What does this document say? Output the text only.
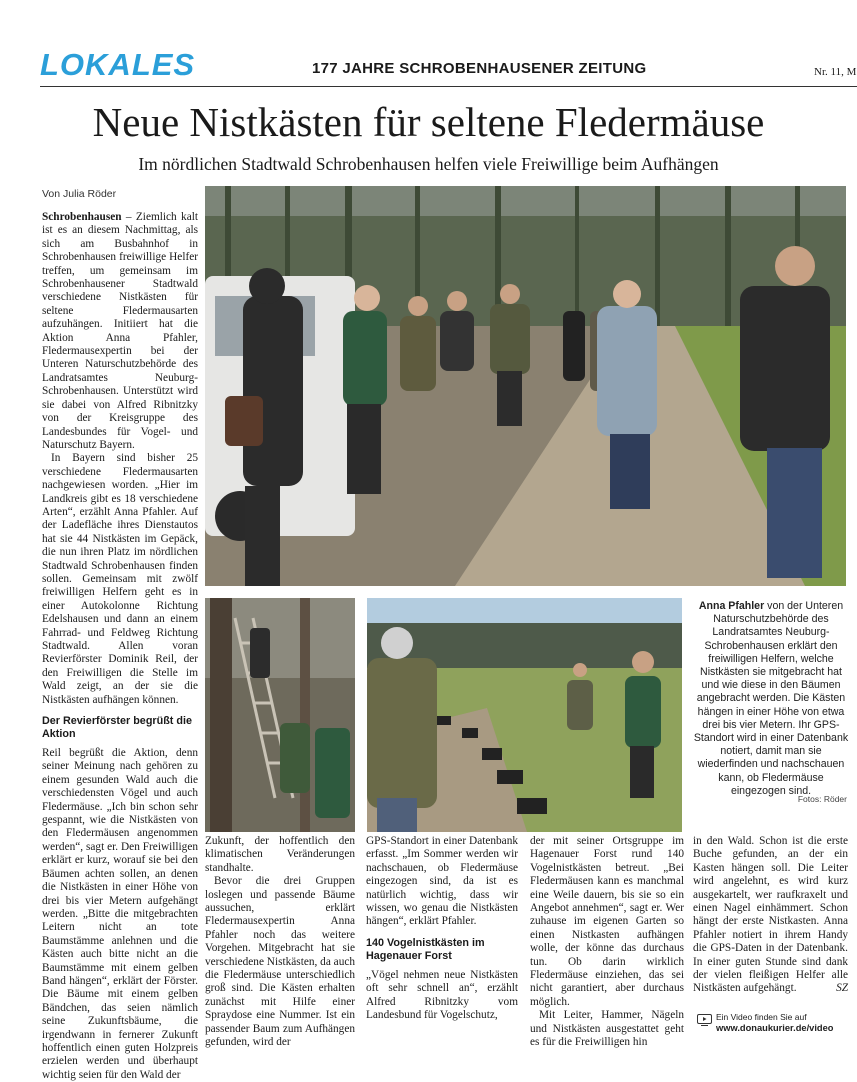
LOKALES	177 JAHRE SCHROBENHAUSENER ZEITUNG	Nr. 11, M
Neue Nistkästen für seltene Fledermäuse
Im nördlichen Stadtwald Schrobenhausen helfen viele Freiwillige beim Aufhängen
Von Julia Röder
Anna Pfahler von der Unteren Naturschutzbehörde des Landratsamtes Neuburg-Schrobenhausen erklärt den freiwilligen Helfern, welche Nistkästen sie mitgebracht hat und wie diese in den Bäumen angebracht werden. Die Kästen hängen in einer Höhe von etwa drei bis vier Metern. Ihr GPS-Standort wird in einer Datenbank notiert, damit man sie wiederfinden und nachschauen kann, ob Fledermäuse eingezogen sind.
Fotos: Röder

Schrobenhausen – Ziemlich kalt ist es an diesem Nachmittag, als sich am Busbahnhof in Schrobenhausen freiwillige Helfer treffen, um gemeinsam im Schrobenhausener Stadtwald verschiedene Nistkästen für seltene Fledermausarten aufzuhängen. Initiiert hat die Aktion Anna Pfahler, Fledermausexpertin bei der Unteren Naturschutzbehörde des Landratsamtes Neuburg-Schrobenhausen. Unterstützt wird sie dabei von Alfred Ribnitzky von der Kreisgruppe des Landesbundes für Vogel- und Naturschutz Bayern.

In Bayern sind bisher 25 verschiedene Fledermausarten nachgewiesen worden. „Hier im Landkreis gibt es 18 verschiedene Arten“, erzählt Anna Pfahler. Auf der Ladefläche ihres Dienstautos hat sie 44 Nistkästen im Gepäck, die nun ihren Platz im nördlichen Stadtwald Schrobenhausen finden sollen. Gemeinsam mit zwölf freiwilligen Helfern geht es in einer Autokolonne Richtung Edelshausen und dann an einem Fahrrad- und Feldweg Richtung Stadtwald. Allen voran Revierförster Dominik Reil, der den Freiwilligen die Stelle im Wald zeigt, an der sie die Nistkästen aufhängen können.

Der Revierförster begrüßt die Aktion

Reil begrüßt die Aktion, denn seiner Meinung nach gehören zu einem gesunden Wald auch die verschiedensten Vögel und auch Fledermäuse. „Ich bin schon sehr gespannt, wie die Nistkästen von den Fledermäusen angenommen werden“, sagt er. Den Freiwilligen erklärt er kurz, worauf sie bei den Bäumen achten sollen, an denen die Nistkästen in einer Höhe von drei bis vier Metern aufgehängt werden. „Bitte die mitgebrachten Leitern nicht an tote Baumstämme anlehnen und die Kästen auch bitte nicht an die Baumstämme mit einem gelben Band hängen“, erklärt der Förster. Die Bäume mit einem gelben Bändchen, das seien nämlich seine Zukunftsbäume, die irgendwann in fernerer Zukunft hoffentlich einen guten Holzpreis erzielen werden und überhaupt wichtig seien für den Wald der

Zukunft, der hoffentlich den klimatischen Veränderungen standhalte.

Bevor die drei Gruppen loslegen und passende Bäume aussuchen, erklärt Fledermausexpertin Anna Pfahler noch das weitere Vorgehen. Mitgebracht hat sie verschiedene Nistkästen, da auch die Fledermäuse unterschiedlich groß sind. Die Kästen erhalten zunächst mit Hilfe einer Spraydose eine Nummer. Ist ein passender Baum zum Aufhängen gefunden, wird der

GPS-Standort in einer Datenbank erfasst. „Im Sommer werden wir nachschauen, ob Fledermäuse eingezogen sind, da ist es natürlich wichtig, dass wir wissen, wo genau die Nistkästen hängen“, erklärt Pfahler.

140 Vogelnistkästen im Hagenauer Forst

„Vögel nehmen neue Nistkästen oft sehr schnell an“, erzählt Alfred Ribnitzky vom Landesbund für Vogelschutz,

der mit seiner Ortsgruppe im Hagenauer Forst rund 140 Vogelnistkästen betreut. „Bei Fledermäusen kann es manchmal eine Weile dauern, bis sie so ein Angebot annehmen“, sagt er. Wer zuhause im eigenen Garten so einen Nistkasten aufhängen wolle, der könne das durchaus tun. Ob darin wirklich Fledermäuse einziehen, das sei nicht garantiert, aber durchaus möglich.

Mit Leiter, Hammer, Nägeln und Nistkästen ausgestattet geht es für die Freiwilligen hin

in den Wald. Schon ist die erste Buche gefunden, an der ein Kasten hängen soll. Die Leiter wird angelehnt, es wird kurz ausgekartelt, wer raufkraxelt und einen Nagel einhämmert. Schon hängt der erste Nistkasten. Anna Pfahler notiert in ihrem Handy die GPS-Daten in der Datenbank. In einer guten Stunde sind dank der vielen fleißigen Helfer alle Nistkästen aufgehängt.	SZ

Ein Video finden Sie auf
www.donaukurier.de/video
